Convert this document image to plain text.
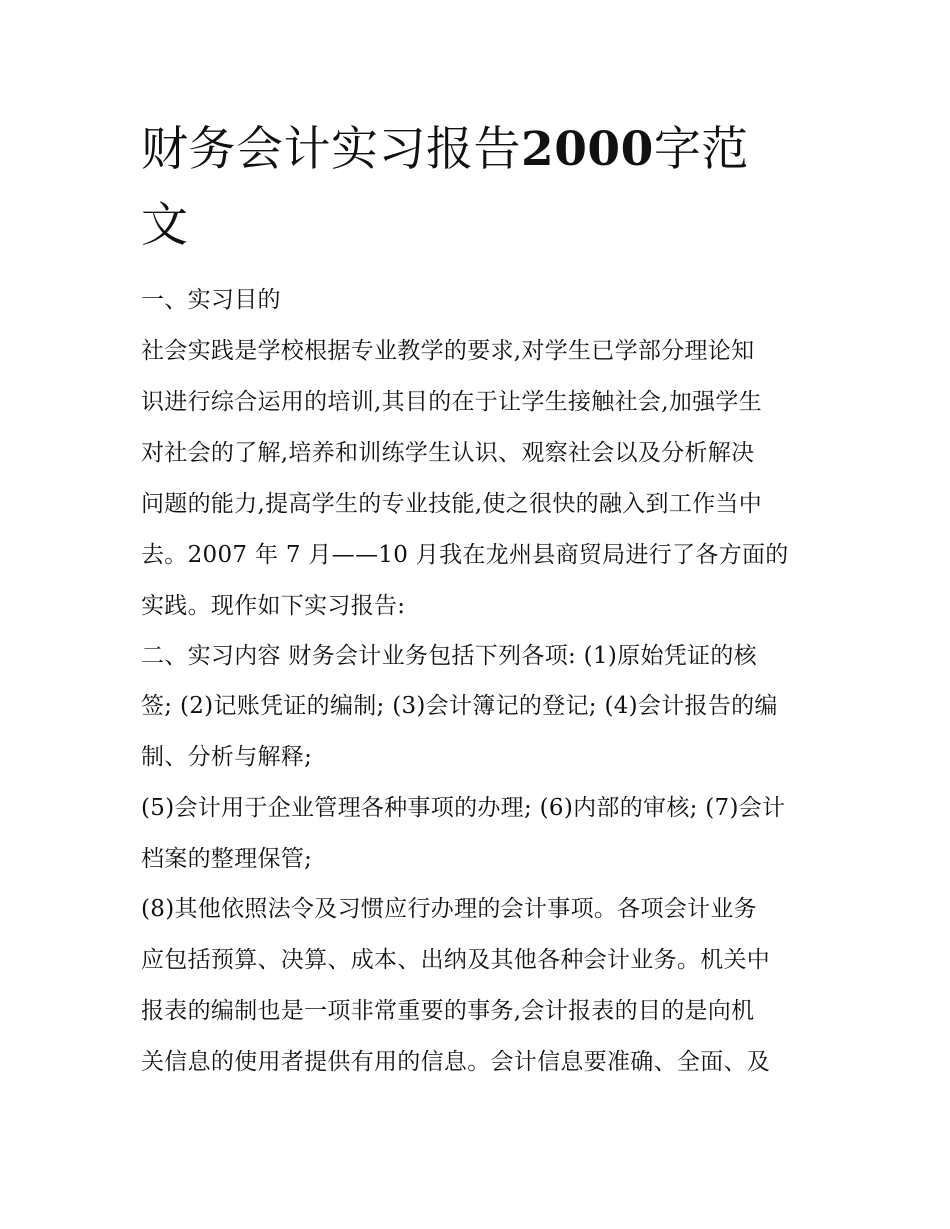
财务会计实习报告2000字范
文

一、实习目的

社会实践是学校根据专业教学的要求,对学生已学部分理论知

识进行综合运用的培训,其目的在于让学生接触社会,加强学生

对社会的了解,培养和训练学生认识、观察社会以及分析解决

问题的能力,提高学生的专业技能,使之很快的融入到工作当中

去。2007 年 7 月——10 月我在龙州县商贸局进行了各方面的

实践。现作如下实习报告:

二、实习内容 财务会计业务包括下列各项: (1)原始凭证的核

签; (2)记账凭证的编制; (3)会计簿记的登记; (4)会计报告的编

制、分析与解释;

(5)会计用于企业管理各种事项的办理; (6)内部的审核; (7)会计

档案的整理保管;

(8)其他依照法令及习惯应行办理的会计事项。各项会计业务

应包括预算、决算、成本、出纳及其他各种会计业务。机关中

报表的编制也是一项非常重要的事务,会计报表的目的是向机

关信息的使用者提供有用的信息。会计信息要准确、全面、及
